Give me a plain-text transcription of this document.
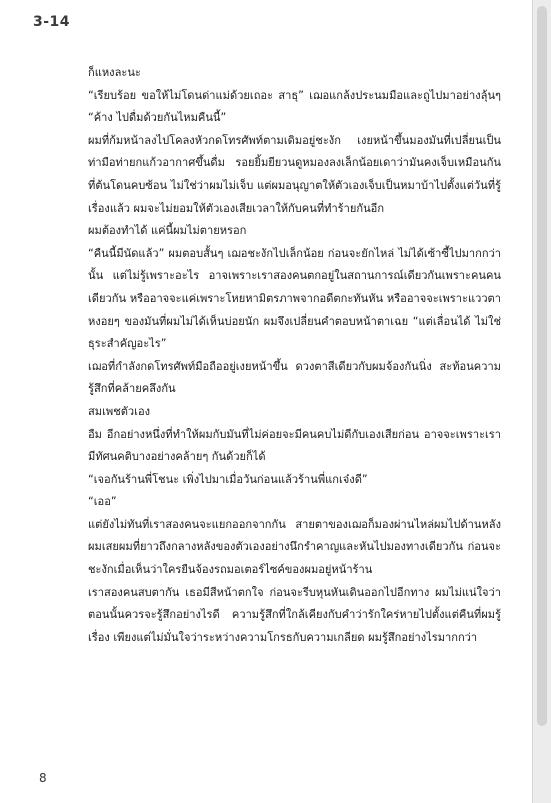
3-14

ก็แหงละนะ

“เรียบร้อย ขอให้ไม่โดนด่าแม่ด้วยเถอะ สาธุ” เฌอแกล้งประนมมือและถูไปมาอย่างลุ้นๆ “ค้าง ไปดื่มด้วยกันไหมคืนนี้”

ผมที่ก้มหน้าลงไปโคลงหัวกดโทรศัพท์ตามเดิมอยู่ชะงัก เงยหน้าขึ้นมองมันที่เปลี่ยนเป็นท่ามือท่ายกแก้วอากาศขึ้นดื่ม รอยยิ้มยียวนดูหมองลงเล็กน้อยเดาว่ามันคงเจ็บเหมือนกันที่ต้นโดนคบซ้อน ไม่ใช่ว่าผมไม่เจ็บ แต่ผมอนุญาตให้ตัวเองเจ็บเป็นหมาบ้าไปตั้งแต่วันที่รู้เรื่องแล้ว ผมจะไม่ยอมให้ตัวเองเสียเวลาให้กับคนที่ทำร้ายกันอีก

ผมต้องทำได้ แค่นี้ผมไม่ตายหรอก

“คืนนี้มีนัดแล้ว” ผมตอบสั้นๆ เฌอชะงักไปเล็กน้อย ก่อนจะยักไหล่ ไม่ได้เซ้าซี้ไปมากกว่านั้น แต่ไม่รู้เพราะอะไร อาจเพราะเราสองคนตกอยู่ในสถานการณ์เดียวกันเพราะคนคนเดียวกัน หรืออาจจะแค่เพราะโหยหามิตรภาพจากอดีตกะทันหัน หรืออาจจะเพราะแววตาหงอยๆ ของมันที่ผมไม่ได้เห็นบ่อยนัก ผมจึงเปลี่ยนคำตอบหน้าตาเฉย “แต่เลื่อนได้ ไม่ใช่ธุระสำคัญอะไร”

เฌอที่กำลังกดโทรศัพท์มือถืออยู่เงยหน้าขึ้น ดวงตาสีเดียวกับผมจ้องกันนิ่ง สะท้อนความรู้สึกที่คล้ายคลึงกัน

สมเพชตัวเอง

อืม อีกอย่างหนึ่งที่ทำให้ผมกับมันที่ไม่ค่อยจะมีคนคบไม่ดีกับเองเสียก่อน อาจจะเพราะเรามีทัศนคติบางอย่างคล้ายๆ กันด้วยก็ได้

“เจอกันร้านพี่โชนะ เพิ่งไปมาเมื่อวันก่อนแล้วร้านพี่แกเจ๋งดี”

“เออ”

แต่ยังไม่ทันที่เราสองคนจะแยกออกจากกัน สายตาของเฌอก็มองผ่านไหล่ผมไปด้านหลัง ผมเสยผมที่ยาวถึงกลางหลังของตัวเองอย่างนึกรำคาญและหันไปมองทางเดียวกัน ก่อนจะชะงักเมื่อเห็นว่าใครยืนจ้องรถมอเตอร์ไซค์ของผมอยู่หน้าร้าน

เราสองคนสบตากัน เธอมีสีหน้าตกใจ ก่อนจะรีบหุนหันเดินออกไปอีกทาง ผมไม่แน่ใจว่าตอนนั้นควรจะรู้สึกอย่างไรดี ความรู้สึกที่ใกล้เคียงกับคำว่ารักใคร่หายไปตั้งแต่คืนที่ผมรู้เรื่อง เพียงแต่ไม่มั่นใจว่าระหว่างความโกรธกับความเกลียด ผมรู้สึกอย่างไรมากกว่า

8
